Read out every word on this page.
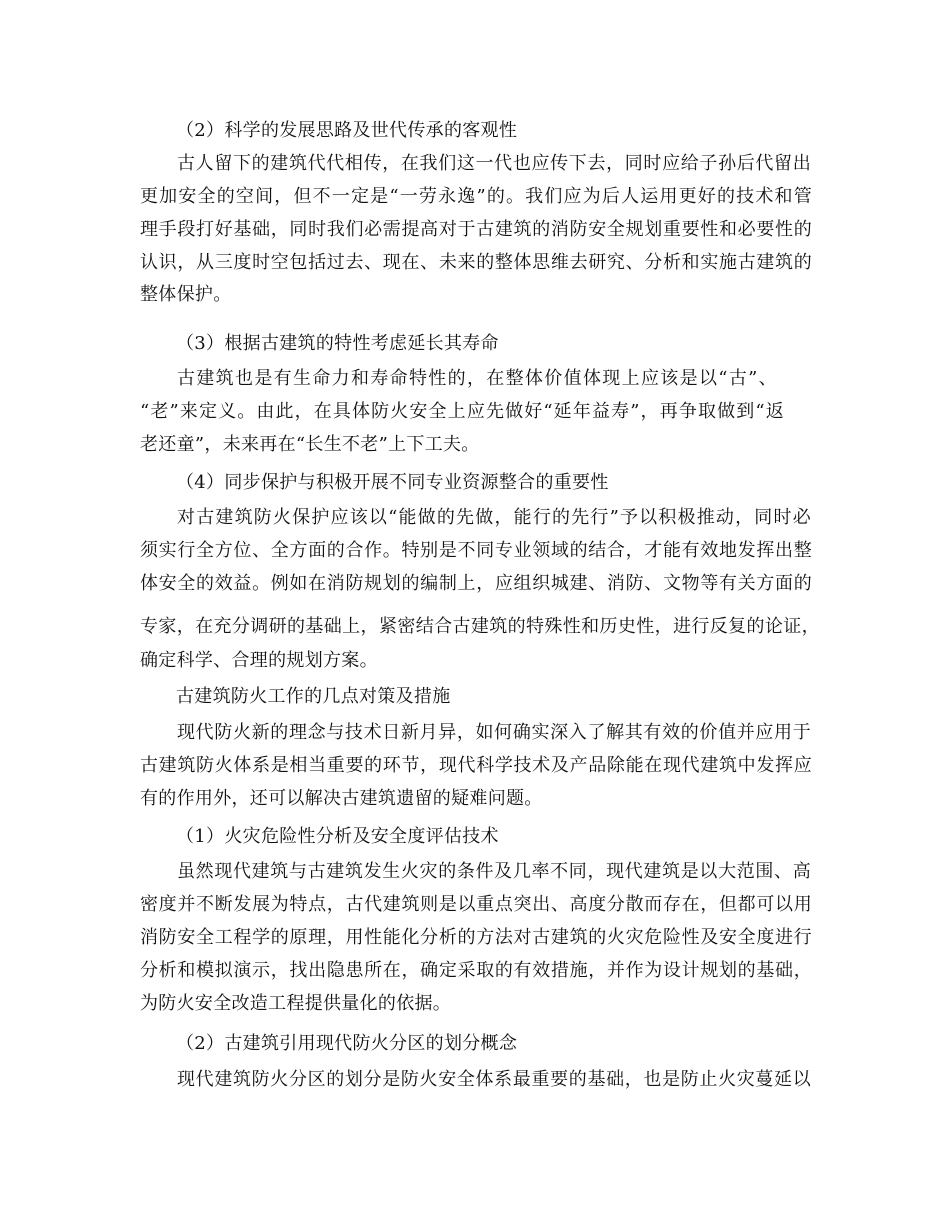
（2）科学的发展思路及世代传承的客观性
古人留下的建筑代代相传，在我们这一代也应传下去，同时应给子孙后代留出
更加安全的空间，但不一定是“一劳永逸”的。我们应为后人运用更好的技术和管
理手段打好基础，同时我们必需提高对于古建筑的消防安全规划重要性和必要性的
认识，从三度时空包括过去、现在、未来的整体思维去研究、分析和实施古建筑的
整体保护。
（3）根据古建筑的特性考虑延长其寿命
古建筑也是有生命力和寿命特性的，在整体价值体现上应该是以“古”、
“老”来定义。由此，在具体防火安全上应先做好“延年益寿”，再争取做到“返
老还童”，未来再在“长生不老”上下工夫。
（4）同步保护与积极开展不同专业资源整合的重要性
对古建筑防火保护应该以“能做的先做，能行的先行”予以积极推动，同时必
须实行全方位、全方面的合作。特别是不同专业领域的结合，才能有效地发挥出整
体安全的效益。例如在消防规划的编制上，应组织城建、消防、文物等有关方面的
专家，在充分调研的基础上，紧密结合古建筑的特殊性和历史性，进行反复的论证，
确定科学、合理的规划方案。
古建筑防火工作的几点对策及措施
现代防火新的理念与技术日新月异，如何确实深入了解其有效的价值并应用于
古建筑防火体系是相当重要的环节，现代科学技术及产品除能在现代建筑中发挥应
有的作用外，还可以解决古建筑遗留的疑难问题。
（1）火灾危险性分析及安全度评估技术
虽然现代建筑与古建筑发生火灾的条件及几率不同，现代建筑是以大范围、高
密度并不断发展为特点，古代建筑则是以重点突出、高度分散而存在，但都可以用
消防安全工程学的原理，用性能化分析的方法对古建筑的火灾危险性及安全度进行
分析和模拟演示，找出隐患所在，确定采取的有效措施，并作为设计规划的基础，
为防火安全改造工程提供量化的依据。
（2）古建筑引用现代防火分区的划分概念
现代建筑防火分区的划分是防火安全体系最重要的基础，也是防止火灾蔓延以
